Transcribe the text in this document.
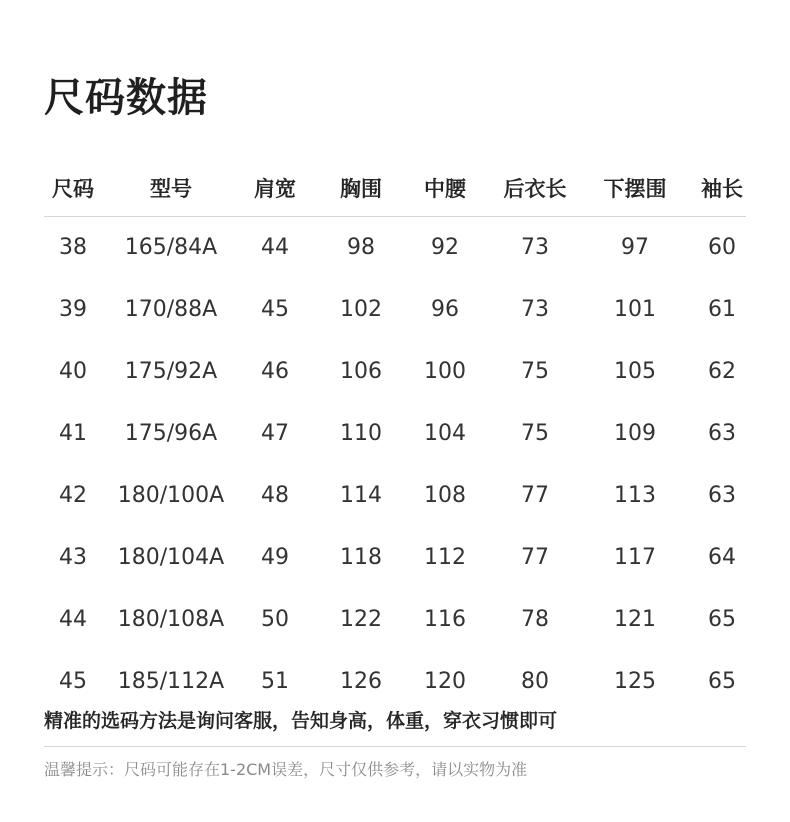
尺码数据
尺码	型号	肩宽 胸围 中腰 后衣长 下摆围 袖长
38 165/84A 44	98	92	73	97	60
39 170/88A 45 102 96	73	101 61
40 175/92A 46 106 100	75	105 62
41 175/96A 47 110 104	75	109 63
42 180/100A 48 114 108	77	113 63
43 180/104A 49 118 112	77	117 64
44 180/108A 50 122 116	78	121 65
45 185/112A 51 126 120	80	125 65
精准的选码方法是询问客服，告知身高，体重，穿衣习惯即可
温馨提示：尺码可能存在1-2CM误差，尺寸仅供参考，请以实物为准
